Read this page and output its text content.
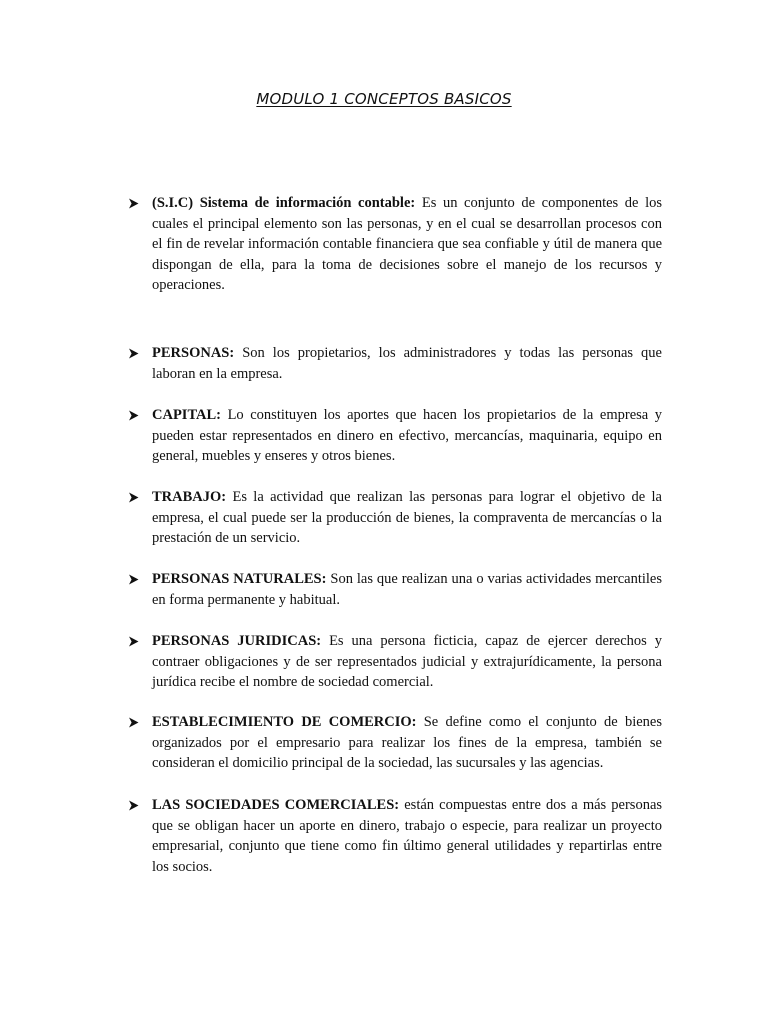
MODULO 1 CONCEPTOS BASICOS
(S.I.C) Sistema de información contable: Es un conjunto de componentes de los cuales el principal elemento son las personas, y en el cual se desarrollan procesos con el fin de revelar información contable financiera que sea confiable y útil de manera que dispongan de ella, para la toma de decisiones sobre el manejo de los recursos y operaciones.
PERSONAS: Son los propietarios, los administradores y todas las personas que laboran en la empresa.
CAPITAL: Lo constituyen los aportes que hacen los propietarios de la empresa y pueden estar representados en dinero en efectivo, mercancías, maquinaria, equipo en general, muebles y enseres y otros bienes.
TRABAJO: Es la actividad que realizan las personas para lograr el objetivo de la empresa, el cual puede ser la producción de bienes, la compraventa de mercancías o la prestación de un servicio.
PERSONAS NATURALES: Son las que realizan una o varias actividades mercantiles en forma permanente y habitual.
PERSONAS JURIDICAS: Es una persona ficticia, capaz de ejercer derechos y contraer obligaciones y de ser representados judicial y extrajurídicamente, la persona jurídica recibe el nombre de sociedad comercial.
ESTABLECIMIENTO DE COMERCIO: Se define como el conjunto de bienes organizados por el empresario para realizar los fines de la empresa, también se consideran el domicilio principal de la sociedad, las sucursales y las agencias.
LAS SOCIEDADES COMERCIALES: están compuestas entre dos a más personas que se obligan hacer un aporte en dinero, trabajo o especie, para realizar un proyecto empresarial, conjunto que tiene como fin último general utilidades y repartirlas entre los socios.
